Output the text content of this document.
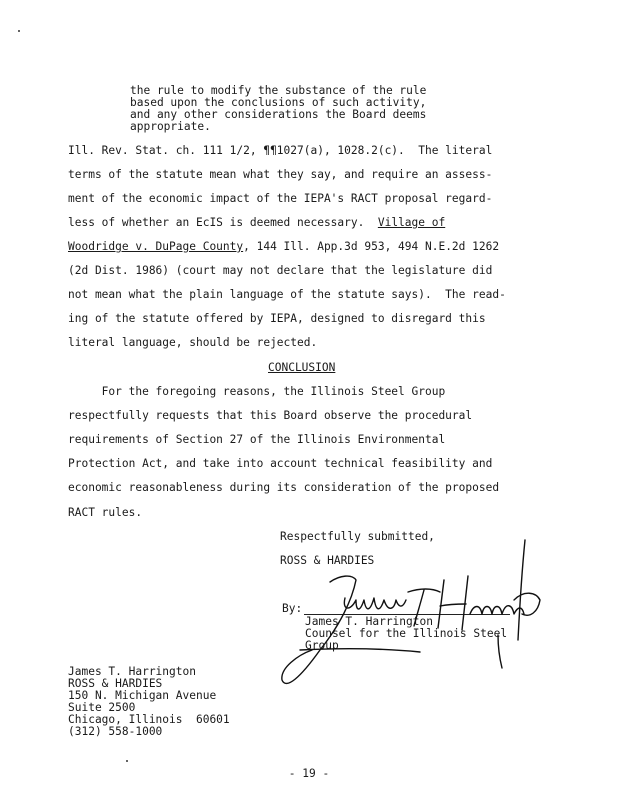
the rule to modify the substance of the rule
based upon the conclusions of such activity,
and any other considerations the Board deems
appropriate.
Ill. Rev. Stat. ch. 111 1/2, ¶¶1027(a), 1028.2(c).  The literal
terms of the statute mean what they say, and require an assess-
ment of the economic impact of the IEPA's RACT proposal regard-
less of whether an EcIS is deemed necessary. Village of
Woodridge v. DuPage County, 144 Ill. App.3d 953, 494 N.E.2d 1262
(2d Dist. 1986) (court may not declare that the legislature did
not mean what the plain language of the statute says).  The read-
ing of the statute offered by IEPA, designed to disregard this
literal language, should be rejected.
CONCLUSION
For the foregoing reasons, the Illinois Steel Group
respectfully requests that this Board observe the procedural
requirements of Section 27 of the Illinois Environmental
Protection Act, and take into account technical feasibility and
economic reasonableness during its consideration of the proposed
RACT rules.
Respectfully submitted,
ROSS & HARDIES
By:
James T. Harrington
Counsel for the Illinois Steel
Group
James T. Harrington
ROSS & HARDIES
150 N. Michigan Avenue
Suite 2500
Chicago, Illinois  60601
(312) 558-1000
- 19 -
